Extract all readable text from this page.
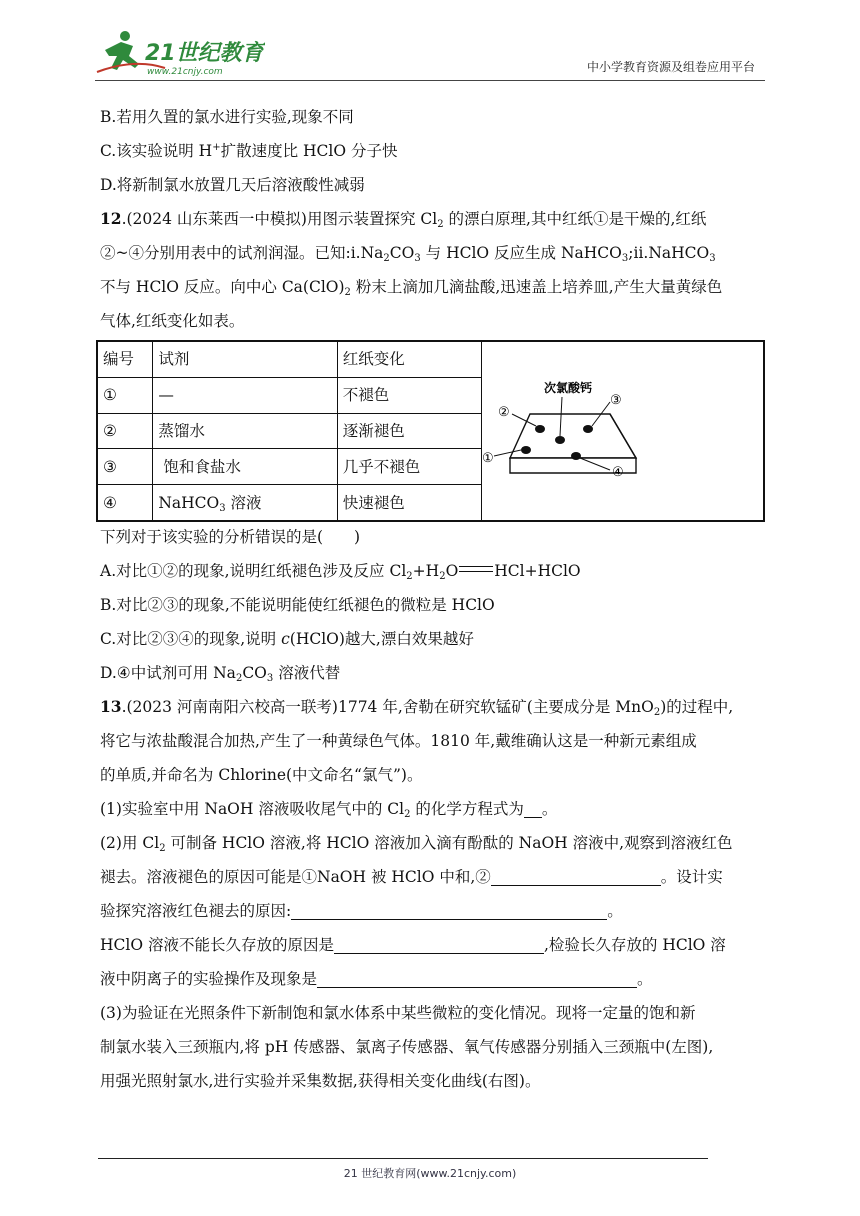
21世纪教育
www.21cnjy.com	中小学教育资源及组卷应用平台
B.若用久置的氯水进行实验,现象不同
C.该实验说明 H+扩散速度比 HClO 分子快
D.将新制氯水放置几天后溶液酸性减弱
12.(2024 山东莱西一中模拟)用图示装置探究 $Cl_2$ 的漂白原理,其中红纸①是干燥的,红纸
②~④分别用表中的试剂润湿。已知$:ⅰ.Na_2CO_3$ 与 HClO 反应生成 NaHCO$_3$;ⅱ.NaHCO$_3$
不与 HClO 反应。向中心 $Ca(ClO)_2$ 粉末上滴加几滴盐酸,迅速盖上培养皿,产生大量黄绿色
气体,红纸变化如表。
编号	试剂	红纸变化	次氯酸钙
②
③
①
④

①	—	不褪色	
②	蒸馏水	逐渐褪色	
③	饱和食盐水	几乎不褪色	
④	NaHCO$_3$ 溶液	快速褪色	
下列对于该实验的分析错误的是(　　)
A.对比①②的现象,说明红纸褪色涉及反应 $Cl_2+H_2O$ HCl+HClO
B.对比②③的现象,不能说明能使红纸褪色的微粒是 HClO
C.对比②③④的现象,说明 c(HClO)越大,漂白效果越好
D.④中试剂可用 $Na_2CO_3$ 溶液代替
13.(2023 河南南阳六校高一联考)1774 年,舍勒在研究软锰矿(主要成分是 MnO$_2$)的过程中,
将它与浓盐酸混合加热,产生了一种黄绿色气体。1810 年,戴维确认这是一种新元素组成
的单质,并命名为 Chlorine(中文命名“氯气”)。
(1)实验室中用 NaOH 溶液吸收尾气中的 $Cl_2$ 的化学方程式为 。
(2)用 $Cl_2$ 可制备 HClO 溶液,将 HClO 溶液加入滴有酚酞的 NaOH 溶液中,观察到溶液红色
褪去。溶液褪色的原因可能是①NaOH 被 HClO 中和,②	。设计实
验探究溶液红色褪去的原因:	。
HClO 溶液不能长久存放的原因是	,检验长久存放的 HClO 溶
液中阴离子的实验操作及现象是	。
(3)为验证在光照条件下新制饱和氯水体系中某些微粒的变化情况。现将一定量的饱和新
制氯水装入三颈瓶内,将 pH 传感器、氯离子传感器、氧气传感器分别插入三颈瓶中(左图),
用强光照射氯水,进行实验并采集数据,获得相关变化曲线(右图)。
21 世纪教育网(www.21cnjy.com)
